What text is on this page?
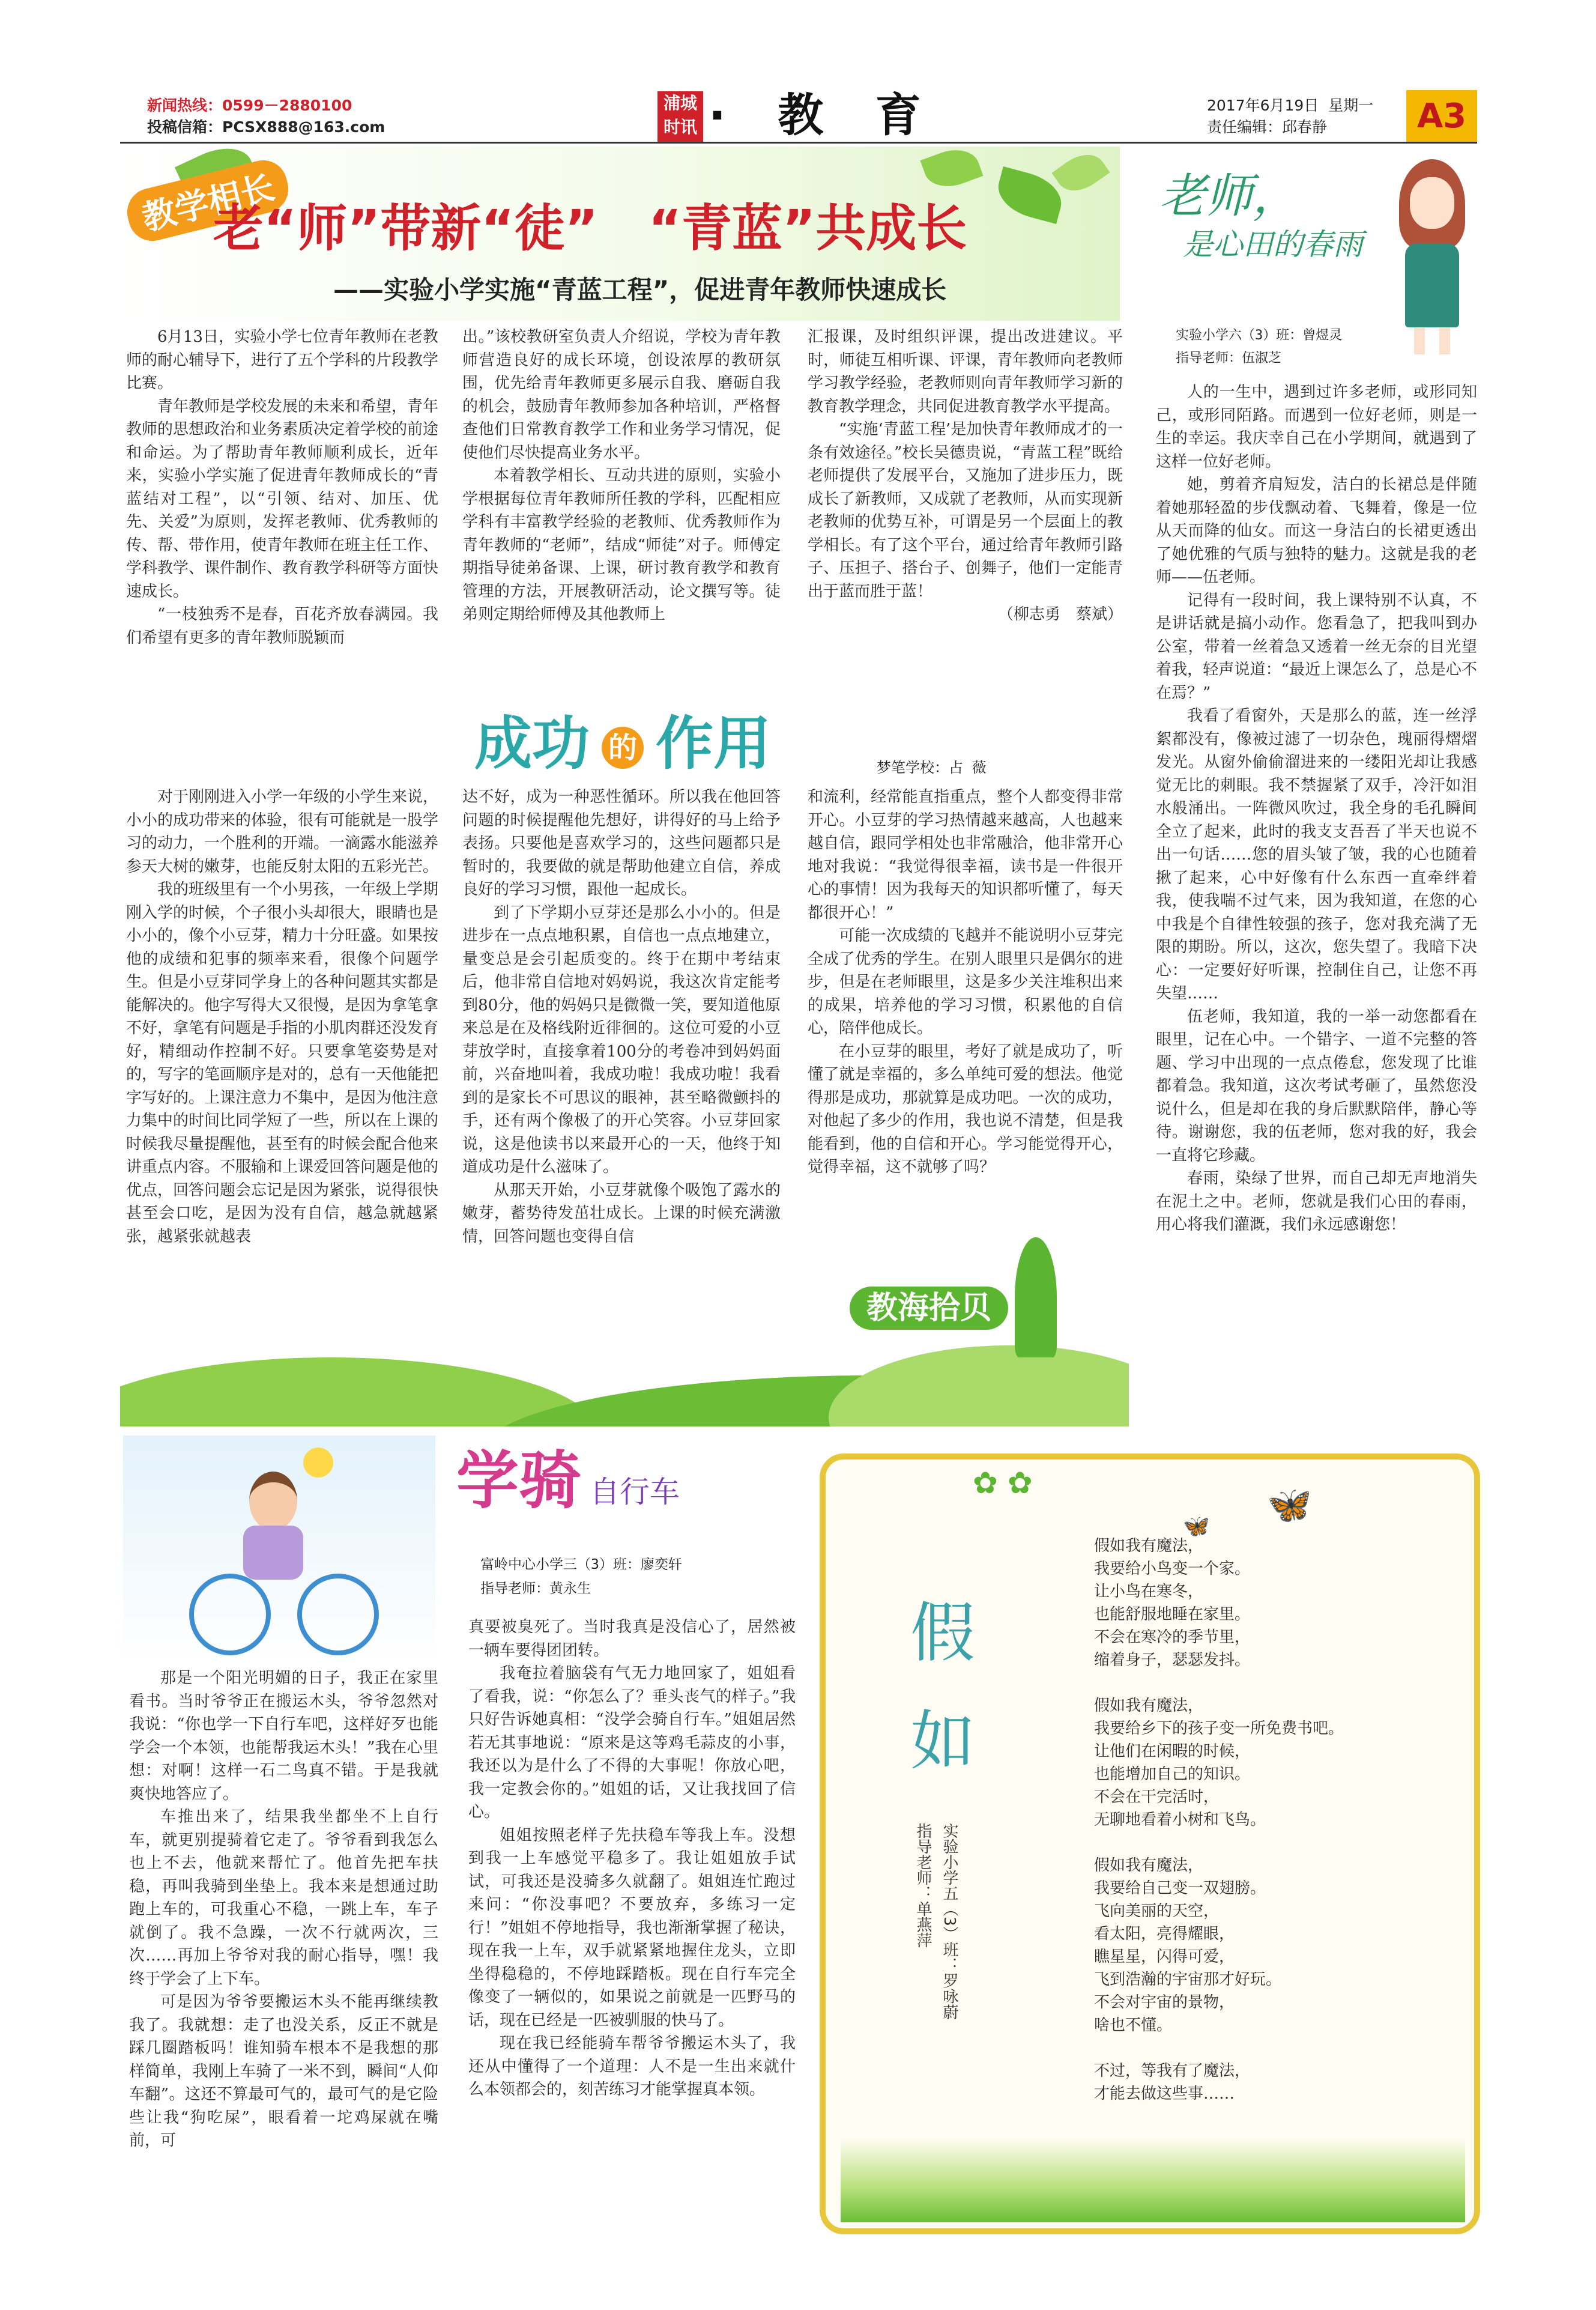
新闻热线：0599－2880100
投稿信箱：PCSX888@163.com
浦城
时讯 · 教 育	2017年6月19日 星期一
责任编辑：邱春静	A3
教学相长
老“师”带新“徒”　“青蓝”共成长
——实验小学实施“青蓝工程”，促进青年教师快速成长

6月13日，实验小学七位青年教师在老教师的耐心辅导下，进行了五个学科的片段教学比赛。

青年教师是学校发展的未来和希望，青年教师的思想政治和业务素质决定着学校的前途和命运。为了帮助青年教师顺利成长，近年来，实验小学实施了促进青年教师成长的“青蓝结对工程”，以“引领、结对、加压、优先、关爱”为原则，发挥老教师、优秀教师的传、帮、带作用，使青年教师在班主任工作、学科教学、课件制作、教育教学科研等方面快速成长。

“一枝独秀不是春，百花齐放春满园。我们希望有更多的青年教师脱颖而

出。”该校教研室负责人介绍说，学校为青年教师营造良好的成长环境，创设浓厚的教研氛围，优先给青年教师更多展示自我、磨砺自我的机会，鼓励青年教师参加各种培训，严格督查他们日常教育教学工作和业务学习情况，促使他们尽快提高业务水平。

本着教学相长、互动共进的原则，实验小学根据每位青年教师所任教的学科，匹配相应学科有丰富教学经验的老教师、优秀教师作为青年教师的“老师”，结成“师徒”对子。师傅定期指导徒弟备课、上课，研讨教育教学和教育管理的方法，开展教研活动，论文撰写等。徒弟则定期给师傅及其他教师上

汇报课，及时组织评课，提出改进建议。平时，师徒互相听课、评课，青年教师向老教师学习教学经验，老教师则向青年教师学习新的教育教学理念，共同促进教育教学水平提高。

“实施‘青蓝工程’是加快青年教师成才的一条有效途径。”校长吴德贵说，“青蓝工程”既给老师提供了发展平台，又施加了进步压力，既成长了新教师，又成就了老教师，从而实现新老教师的优势互补，可谓是另一个层面上的教学相长。有了这个平台，通过给青年教师引路子、压担子、搭台子、创舞子，他们一定能青出于蓝而胜于蓝！

（柳志勇　蔡斌）

成功 的 作用	梦笔学校：占 薇

对于刚刚进入小学一年级的小学生来说，小小的成功带来的体验，很有可能就是一股学习的动力，一个胜利的开端。一滴露水能滋养参天大树的嫩芽，也能反射太阳的五彩光芒。

我的班级里有一个小男孩，一年级上学期刚入学的时候，个子很小头却很大，眼睛也是小小的，像个小豆芽，精力十分旺盛。如果按他的成绩和犯事的频率来看，很像个问题学生。但是小豆芽同学身上的各种问题其实都是能解决的。他字写得大又很慢，是因为拿笔拿不好，拿笔有问题是手指的小肌肉群还没发育好，精细动作控制不好。只要拿笔姿势是对的，写字的笔画顺序是对的，总有一天他能把字写好的。上课注意力不集中，是因为他注意力集中的时间比同学短了一些，所以在上课的时候我尽量提醒他，甚至有的时候会配合他来讲重点内容。不服输和上课爱回答问题是他的优点，回答问题会忘记是因为紧张，说得很快甚至会口吃，是因为没有自信，越急就越紧张，越紧张就越表

达不好，成为一种恶性循环。所以我在他回答问题的时候提醒他先想好，讲得好的马上给予表扬。只要他是喜欢学习的，这些问题都只是暂时的，我要做的就是帮助他建立自信，养成良好的学习习惯，跟他一起成长。

到了下学期小豆芽还是那么小小的。但是进步在一点点地积累，自信也一点点地建立，量变总是会引起质变的。终于在期中考结束后，他非常自信地对妈妈说，我这次肯定能考到80分，他的妈妈只是微微一笑，要知道他原来总是在及格线附近徘徊的。这位可爱的小豆芽放学时，直接拿着100分的考卷冲到妈妈面前，兴奋地叫着，我成功啦！我成功啦！我看到的是家长不可思议的眼神，甚至略微颤抖的手，还有两个像极了的开心笑容。小豆芽回家说，这是他读书以来最开心的一天，他终于知道成功是什么滋味了。

从那天开始，小豆芽就像个吸饱了露水的嫩芽，蓄势待发茁壮成长。上课的时候充满激情，回答问题也变得自信

和流利，经常能直指重点，整个人都变得非常开心。小豆芽的学习热情越来越高，人也越来越自信，跟同学相处也非常融洽，他非常开心地对我说：“我觉得很幸福，读书是一件很开心的事情！因为我每天的知识都听懂了，每天都很开心！”

可能一次成绩的飞越并不能说明小豆芽完全成了优秀的学生。在别人眼里只是偶尔的进步，但是在老师眼里，这是多少关注堆积出来的成果，培养他的学习习惯，积累他的自信心，陪伴他成长。

在小豆芽的眼里，考好了就是成功了，听懂了就是幸福的，多么单纯可爱的想法。他觉得那是成功，那就算是成功吧。一次的成功，对他起了多少的作用，我也说不清楚，但是我能看到，他的自信和开心。学习能觉得开心，觉得幸福，这不就够了吗？

教海拾贝
老师，
是心田的春雨
实验小学六（3）班：曾煜灵
指导老师：伍淑芝

人的一生中，遇到过许多老师，或形同知己，或形同陌路。而遇到一位好老师，则是一生的幸运。我庆幸自己在小学期间，就遇到了这样一位好老师。

她，剪着齐肩短发，洁白的长裙总是伴随着她那轻盈的步伐飘动着、飞舞着，像是一位从天而降的仙女。而这一身洁白的长裙更透出了她优雅的气质与独特的魅力。这就是我的老师——伍老师。

记得有一段时间，我上课特别不认真，不是讲话就是搞小动作。您看急了，把我叫到办公室，带着一丝着急又透着一丝无奈的目光望着我，轻声说道：“最近上课怎么了，总是心不在焉？”

我看了看窗外，天是那么的蓝，连一丝浮絮都没有，像被过滤了一切杂色，瑰丽得熠熠发光。从窗外偷偷溜进来的一缕阳光却让我感觉无比的刺眼。我不禁握紧了双手，冷汗如泪水般涌出。一阵微风吹过，我全身的毛孔瞬间全立了起来，此时的我支支吾吾了半天也说不出一句话……您的眉头皱了皱，我的心也随着揪了起来，心中好像有什么东西一直牵绊着我，使我喘不过气来，因为我知道，在您的心中我是个自律性较强的孩子，您对我充满了无限的期盼。所以，这次，您失望了。我暗下决心：一定要好好听课，控制住自己，让您不再失望……

伍老师，我知道，我的一举一动您都看在眼里，记在心中。一个错字、一道不完整的答题、学习中出现的一点点倦怠，您发现了比谁都着急。我知道，这次考试考砸了，虽然您没说什么，但是却在我的身后默默陪伴，静心等待。谢谢您，我的伍老师，您对我的好，我会一直将它珍藏。

春雨，染绿了世界，而自己却无声地消失在泥土之中。老师，您就是我们心田的春雨，用心将我们灌溉，我们永远感谢您！

学骑 自行车
富岭中心小学三（3）班：廖奕轩
指导老师：黄永生

那是一个阳光明媚的日子，我正在家里看书。当时爷爷正在搬运木头，爷爷忽然对我说：“你也学一下自行车吧，这样好歹也能学会一个本领，也能帮我运木头！”我在心里想：对啊！这样一石二鸟真不错。于是我就爽快地答应了。

车推出来了，结果我坐都坐不上自行车，就更别提骑着它走了。爷爷看到我怎么也上不去，他就来帮忙了。他首先把车扶稳，再叫我骑到坐垫上。我本来是想通过助跑上车的，可我重心不稳，一跳上车，车子就倒了。我不急躁，一次不行就两次，三次……再加上爷爷对我的耐心指导，嘿！我终于学会了上下车。

可是因为爷爷要搬运木头不能再继续教我了。我就想：走了也没关系，反正不就是踩几圈踏板吗！谁知骑车根本不是我想的那样简单，我刚上车骑了一米不到，瞬间“人仰车翻”。这还不算最可气的，最可气的是它险些让我“狗吃屎”，眼看着一坨鸡屎就在嘴前，可

真要被臭死了。当时我真是没信心了，居然被一辆车要得团团转。

我奄拉着脑袋有气无力地回家了，姐姐看了看我，说：“你怎么了？垂头丧气的样子。”我只好告诉她真相：“没学会骑自行车。”姐姐居然若无其事地说：“原来是这等鸡毛蒜皮的小事，我还以为是什么了不得的大事呢！你放心吧，我一定教会你的。”姐姐的话，又让我找回了信心。

姐姐按照老样子先扶稳车等我上车。没想到我一上车感觉平稳多了。我让姐姐放手试试，可我还是没骑多久就翻了。姐姐连忙跑过来问：“你没事吧？不要放弃，多练习一定行！”姐姐不停地指导，我也渐渐掌握了秘诀，现在我一上车，双手就紧紧地握住龙头，立即坐得稳稳的，不停地踩踏板。现在自行车完全像变了一辆似的，如果说之前就是一匹野马的话，现在已经是一匹被驯服的快马了。

现在我已经能骑车帮爷爷搬运木头了，我还从中懂得了一个道理：人不是一生出来就什么本领都会的，刻苦练习才能掌握真本领。

🦋
🦋
✿ ✿
假
如
实验小学五（3）班：罗咏蔚
指导老师：单燕萍

假如我有魔法，

我要给小鸟变一个家。

让小鸟在寒冬，

也能舒服地睡在家里。

不会在寒冷的季节里，

缩着身子，瑟瑟发抖。

假如我有魔法，

我要给乡下的孩子变一所免费书吧。

让他们在闲暇的时候，

也能增加自己的知识。

不会在干完活时，

无聊地看着小树和飞鸟。

假如我有魔法，

我要给自己变一双翅膀。

飞向美丽的天空，

看太阳，亮得耀眼，

瞧星星，闪得可爱，

飞到浩瀚的宇宙那才好玩。

不会对宇宙的景物，

啥也不懂。

不过，等我有了魔法，

才能去做这些事……
